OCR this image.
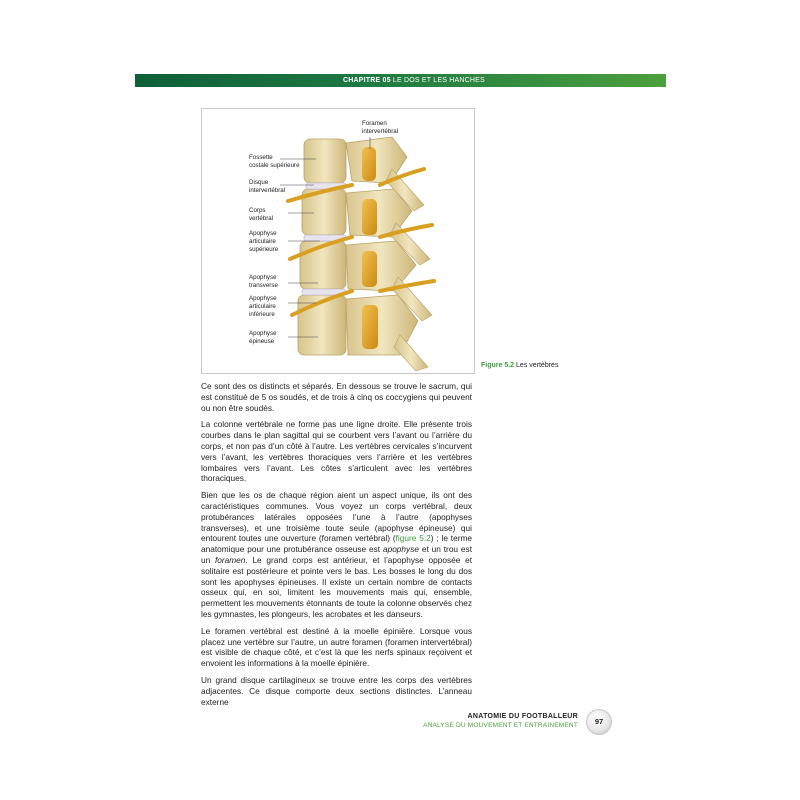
CHAPITRE 05 LE DOS ET LES HANCHES
Foramen
intervertébral
Fossette
costale supérieure
Disque
intervertébral
Corps
vertébral
Apophyse
articulaire
supérieure
Apophyse
transverse
Apophyse
articulaire
inférieure
Apophyse
épineuse
Figure 5.2 Les vertèbres

Ce sont des os distincts et séparés. En dessous se trouve le sacrum, qui est constitué de 5 os soudés, et de trois à cinq os coccygiens qui peuvent ou non être soudés.

La colonne vertébrale ne forme pas une ligne droite. Elle présente trois courbes dans le plan sagittal qui se courbent vers l’avant ou l’arrière du corps, et non pas d’un côté à l’autre. Les vertèbres cervicales s’incurvent vers l’avant, les vertèbres thoraciques vers l’arrière et les vertèbres lombaires vers l’avant. Les côtes s’articulent avec les vertèbres thoraciques.

Bien que les os de chaque région aient un aspect unique, ils ont des caractéristiques communes. Vous voyez un corps vertébral, deux protubérances latérales opposées l’une à l’autre (apophyses transverses), et une troisième toute seule (apophyse épineuse) qui entourent toutes une ouverture (foramen vertébral) (figure 5.2) ; le terme anatomique pour une protubérance osseuse est apophyse et un trou est un foramen. Le grand corps est antérieur, et l’apophyse opposée et solitaire est postérieure et pointe vers le bas. Les bosses le long du dos sont les apophyses épineuses. Il existe un certain nombre de contacts osseux qui, en soi, limitent les mouvements mais qui, ensemble, permettent les mouvements étonnants de toute la colonne observés chez les gymnastes, les plongeurs, les acrobates et les danseurs.

Le foramen vertébral est destiné à la moelle épinière. Lorsque vous placez une vertèbre sur l’autre, un autre foramen (foramen intervertébral) est visible de chaque côté, et c’est là que les nerfs spinaux reçoivent et envoient les informations à la moelle épinière.

Un grand disque cartilagineux se trouve entre les corps des vertèbres adjacentes. Ce disque comporte deux sections distinctes. L’anneau externe

ANATOMIE DU FOOTBALLEUR
ANALYSE DU MOUVEMENT ET ENTRAINEMENT	97
